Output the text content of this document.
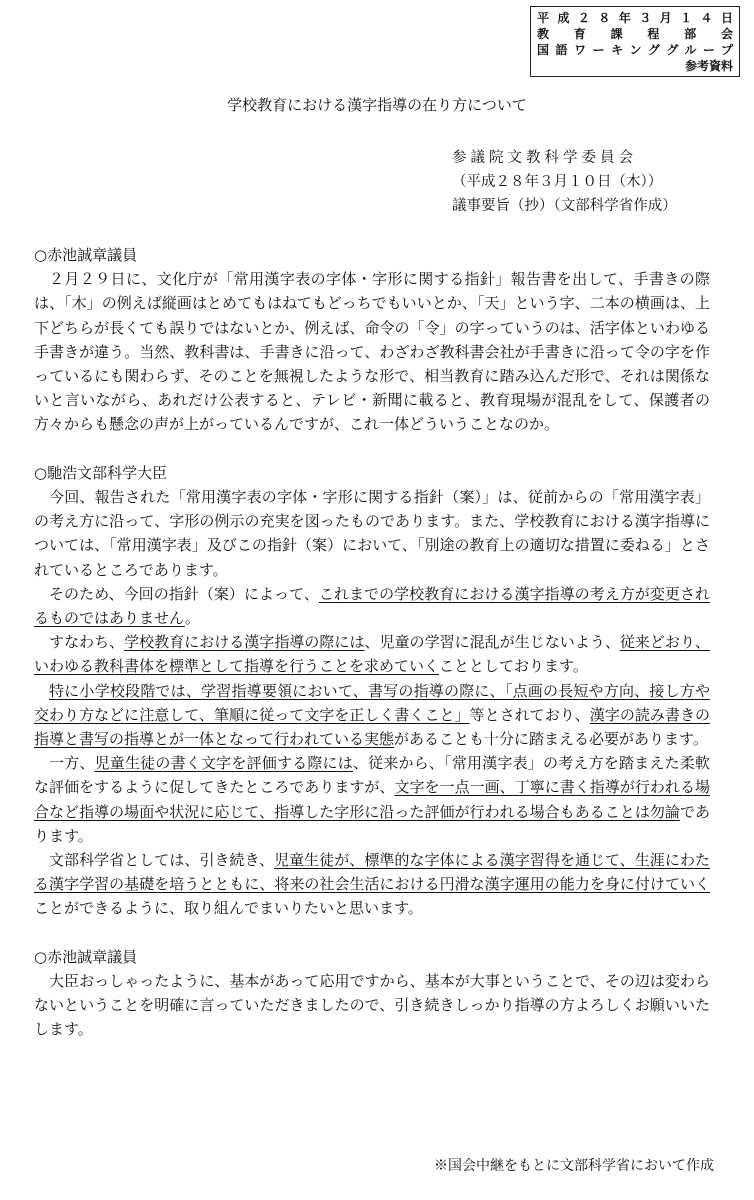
平成２８年３月１４日
教育課程部会
国語ワーキンググループ
参考資料
学校教育における漢字指導の在り方について
参議院文教科学委員会
（平成２８年３月１０日（木））
議事要旨（抄）（文部科学省作成）

○赤池誠章議員

２月２９日に、文化庁が「常用漢字表の字体・字形に関する指針」報告書を出して、手書きの際は、「木」の例えば縦画はとめてもはねてもどっちでもいいとか、「天」という字、二本の横画は、上下どちらが長くても誤りではないとか、例えば、命令の「令」の字っていうのは、活字体といわゆる手書きが違う。当然、教科書は、手書きに沿って、わざわざ教科書会社が手書きに沿って令の字を作っているにも関わらず、そのことを無視したような形で、相当教育に踏み込んだ形で、それは関係ないと言いながら、あれだけ公表すると、テレビ・新聞に載ると、教育現場が混乱をして、保護者の方々からも懸念の声が上がっているんですが、これ一体どういうことなのか。

○馳浩文部科学大臣

今回、報告された「常用漢字表の字体・字形に関する指針（案）」は、従前からの「常用漢字表」の考え方に沿って、字形の例示の充実を図ったものであります。また、学校教育における漢字指導については、「常用漢字表」及びこの指針（案）において、「別途の教育上の適切な措置に委ねる」とされているところであります。

そのため、今回の指針（案）によって、これまでの学校教育における漢字指導の考え方が変更されるものではありません。

すなわち、学校教育における漢字指導の際には、児童の学習に混乱が生じないよう、従来どおり、いわゆる教科書体を標準として指導を行うことを求めていくこととしております。

特に小学校段階では、学習指導要領において、書写の指導の際に、「点画の長短や方向、接し方や交わり方などに注意して、筆順に従って文字を正しく書くこと」等とされており、漢字の読み書きの指導と書写の指導とが一体となって行われている実態があることも十分に踏まえる必要があります。

一方、児童生徒の書く文字を評価する際には、従来から、「常用漢字表」の考え方を踏まえた柔軟な評価をするように促してきたところでありますが、文字を一点一画、丁寧に書く指導が行われる場合など指導の場面や状況に応じて、指導した字形に沿った評価が行われる場合もあることは勿論であります。

文部科学省としては、引き続き、児童生徒が、標準的な字体による漢字習得を通じて、生涯にわたる漢字学習の基礎を培うとともに、将来の社会生活における円滑な漢字運用の能力を身に付けていくことができるように、取り組んでまいりたいと思います。

○赤池誠章議員

大臣おっしゃったように、基本があって応用ですから、基本が大事ということで、その辺は変わらないということを明確に言っていただきましたので、引き続きしっかり指導の方よろしくお願いいたします。

※国会中継をもとに文部科学省において作成
